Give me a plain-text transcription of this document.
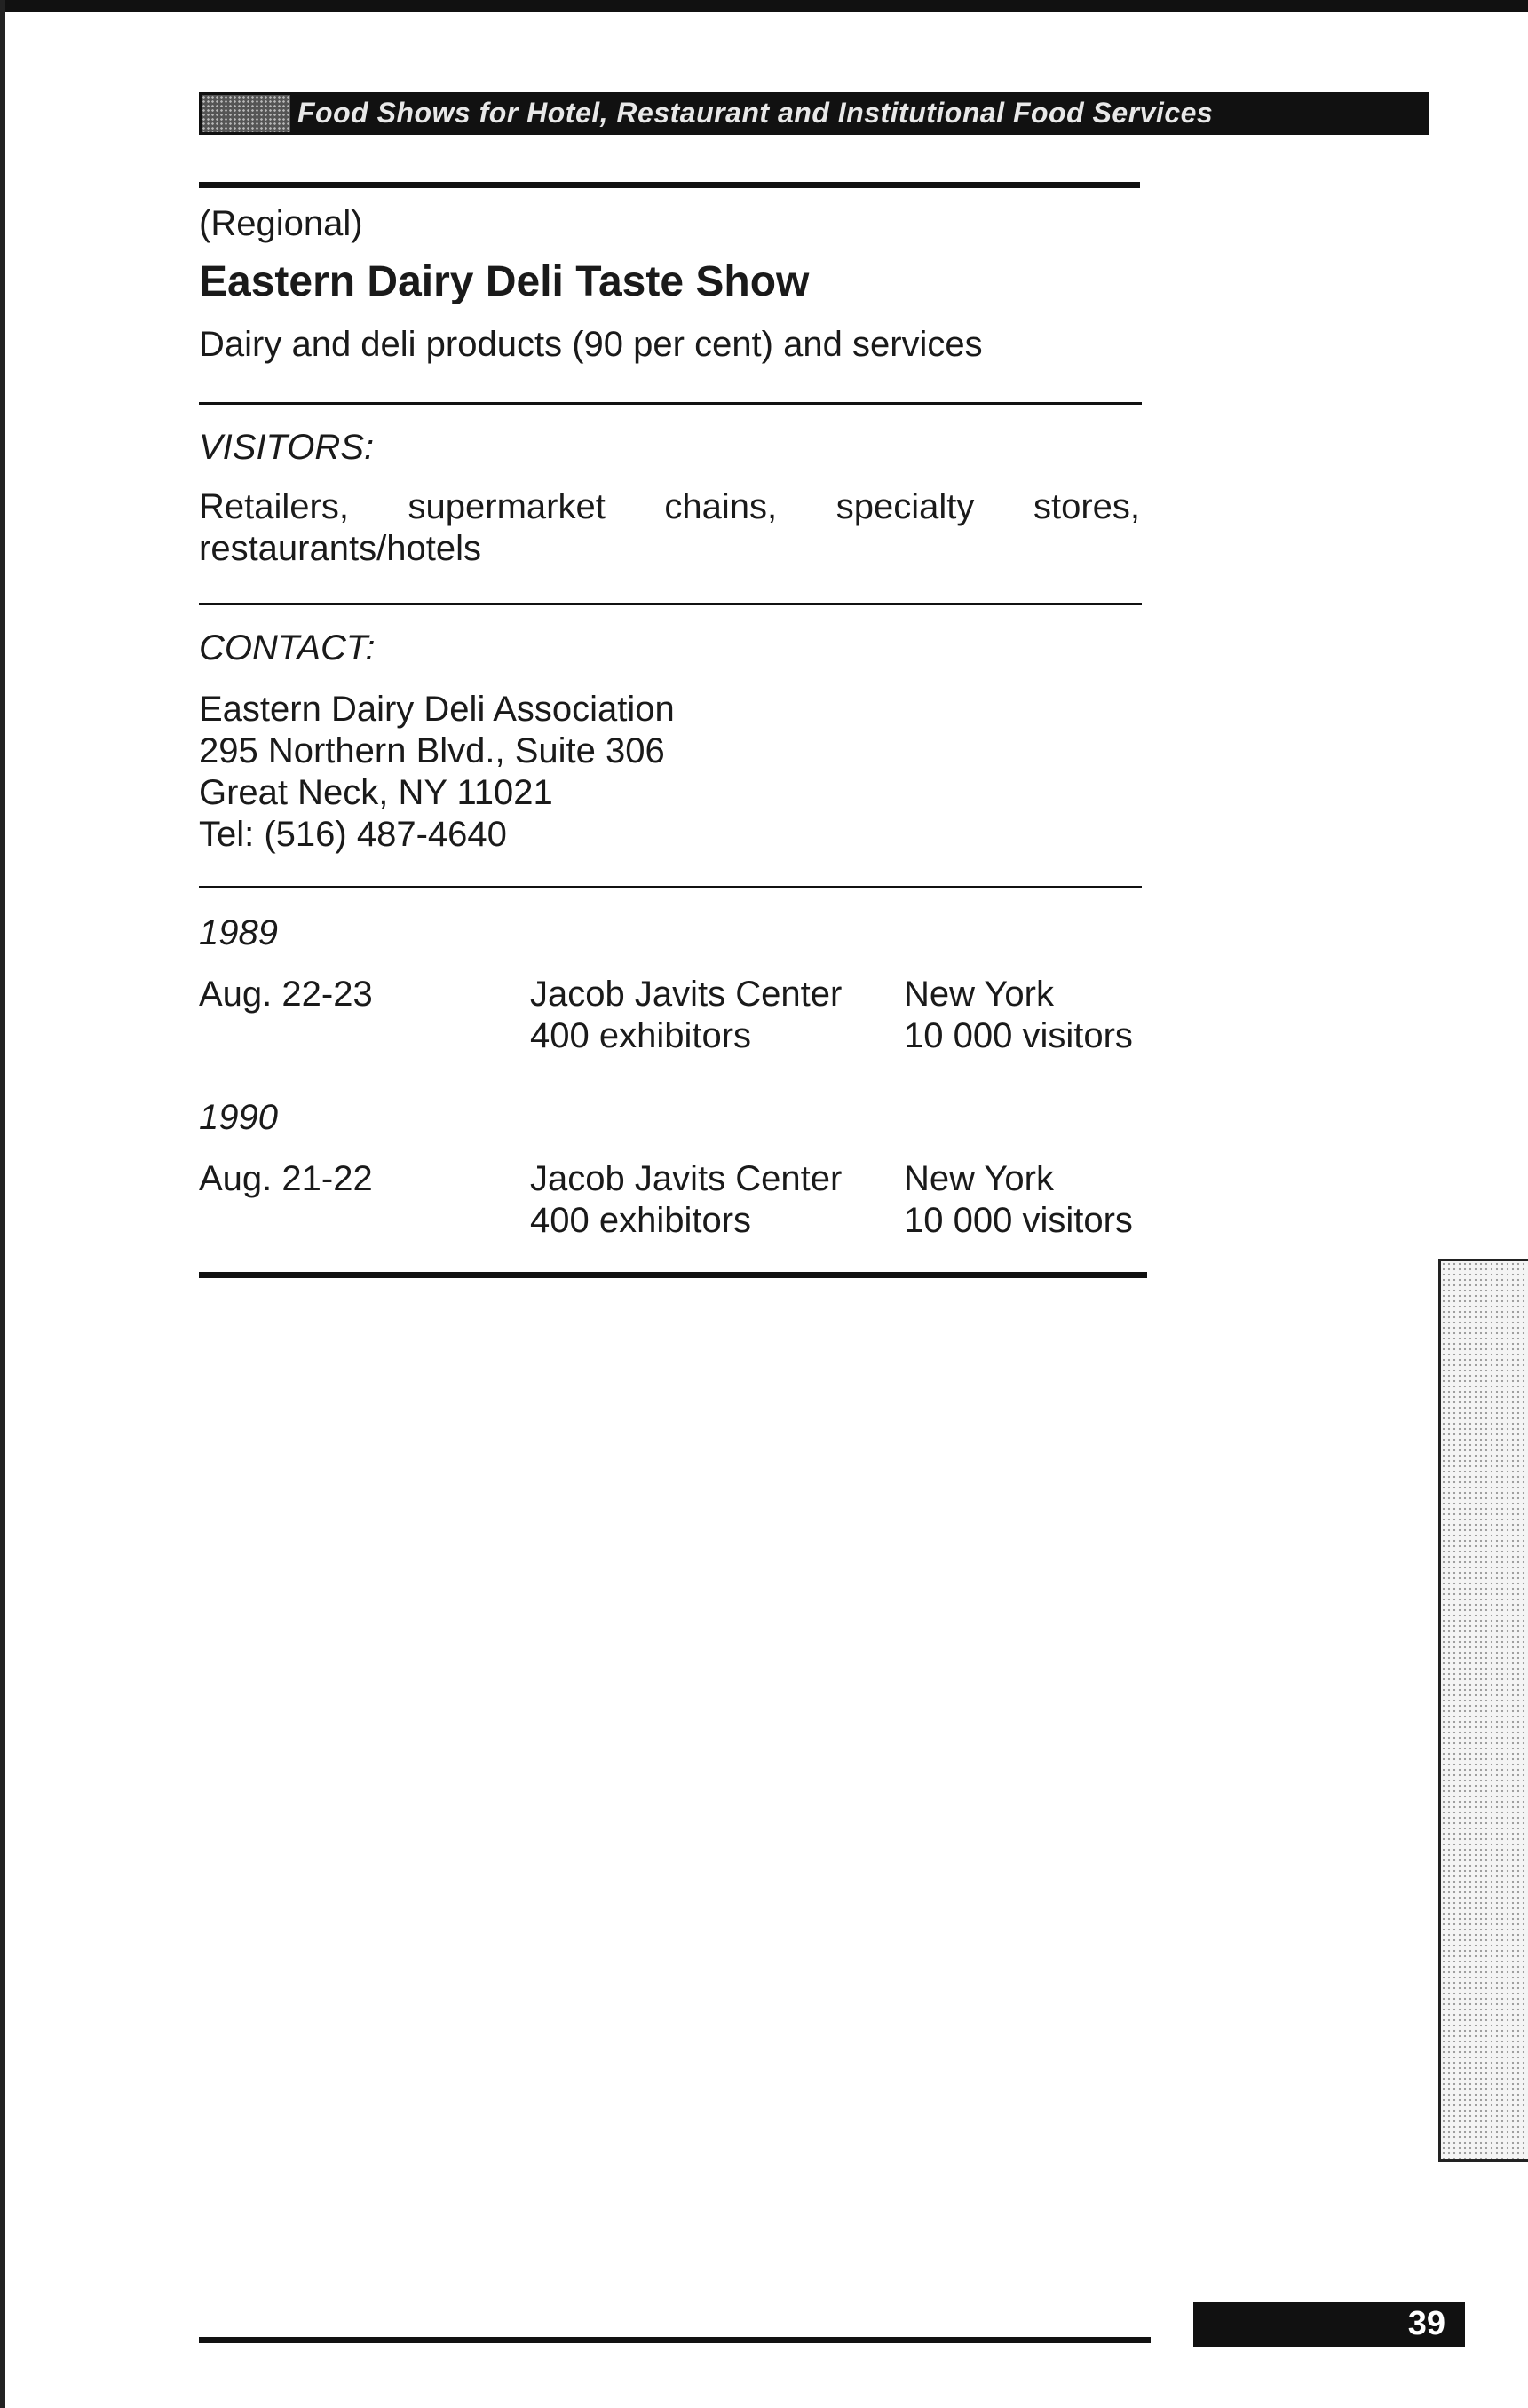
Food Shows for Hotel, Restaurant and Institutional Food Services
(Regional)
Eastern Dairy Deli Taste Show
Dairy and deli products (90 per cent) and services
VISITORS:
Retailers, supermarket chains, specialty stores,
restaurants/hotels
CONTACT:
Eastern Dairy Deli Association
295 Northern Blvd., Suite 306
Great Neck, NY 11021
Tel: (516) 487-4640
1989
Aug. 22-23	Jacob Javits Center
400 exhibitors
New York
10 000 visitors
1990
Aug. 21-22	Jacob Javits Center
400 exhibitors
New York
10 000 visitors
39
